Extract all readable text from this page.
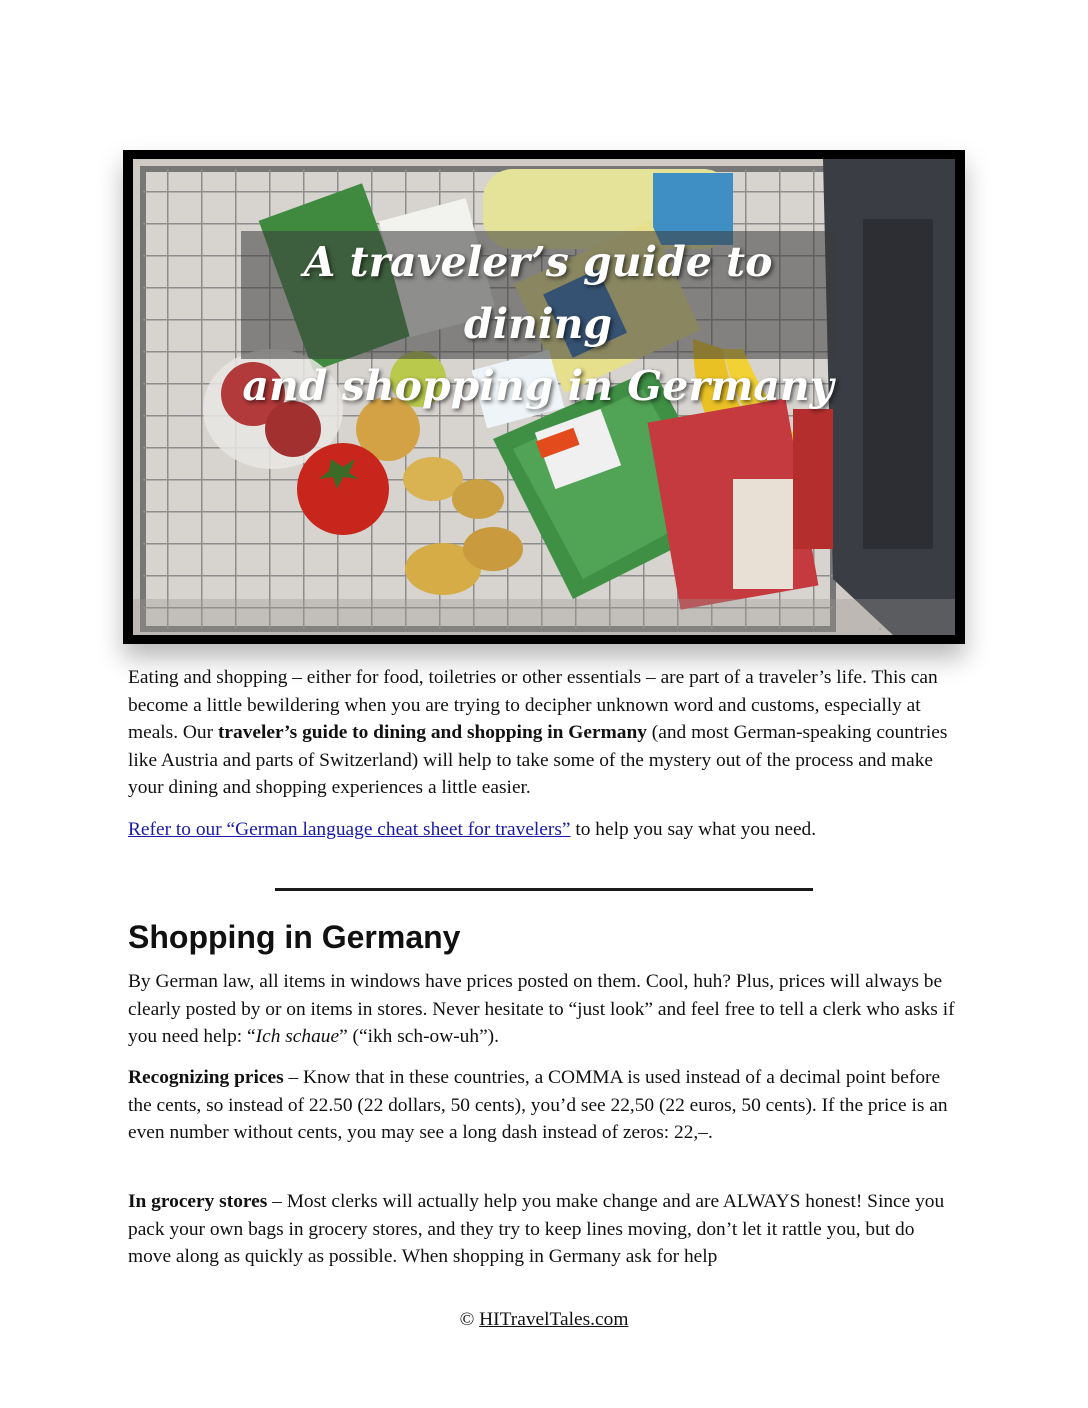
A traveler’s guide to dining
and shopping in Germany

Eating and shopping – either for food, toiletries or other essentials – are part of a traveler’s life. This can become a little bewildering when you are trying to decipher unknown word and customs, especially at meals. Our traveler’s guide to dining and shopping in Germany (and most German-speaking countries like Austria and parts of Switzerland) will help to take some of the mystery out of the process and make your dining and shopping experiences a little easier.

Refer to our “German language cheat sheet for travelers” to help you say what you need.

Shopping in Germany

By German law, all items in windows have prices posted on them. Cool, huh? Plus, prices will always be clearly posted by or on items in stores. Never hesitate to “just look” and feel free to tell a clerk who asks if you need help: “Ich schaue” (“ikh sch-ow-uh”).

Recognizing prices – Know that in these countries, a COMMA is used instead of a decimal point before the cents, so instead of 22.50 (22 dollars, 50 cents), you’d see 22,50 (22 euros, 50 cents). If the price is an even number without cents, you may see a long dash instead of zeros: 22,–.

In grocery stores – Most clerks will actually help you make change and are ALWAYS honest! Since you pack your own bags in grocery stores, and they try to keep lines moving, don’t let it rattle you, but do move along as quickly as possible. When shopping in Germany ask for help

© HITravelTales.com
